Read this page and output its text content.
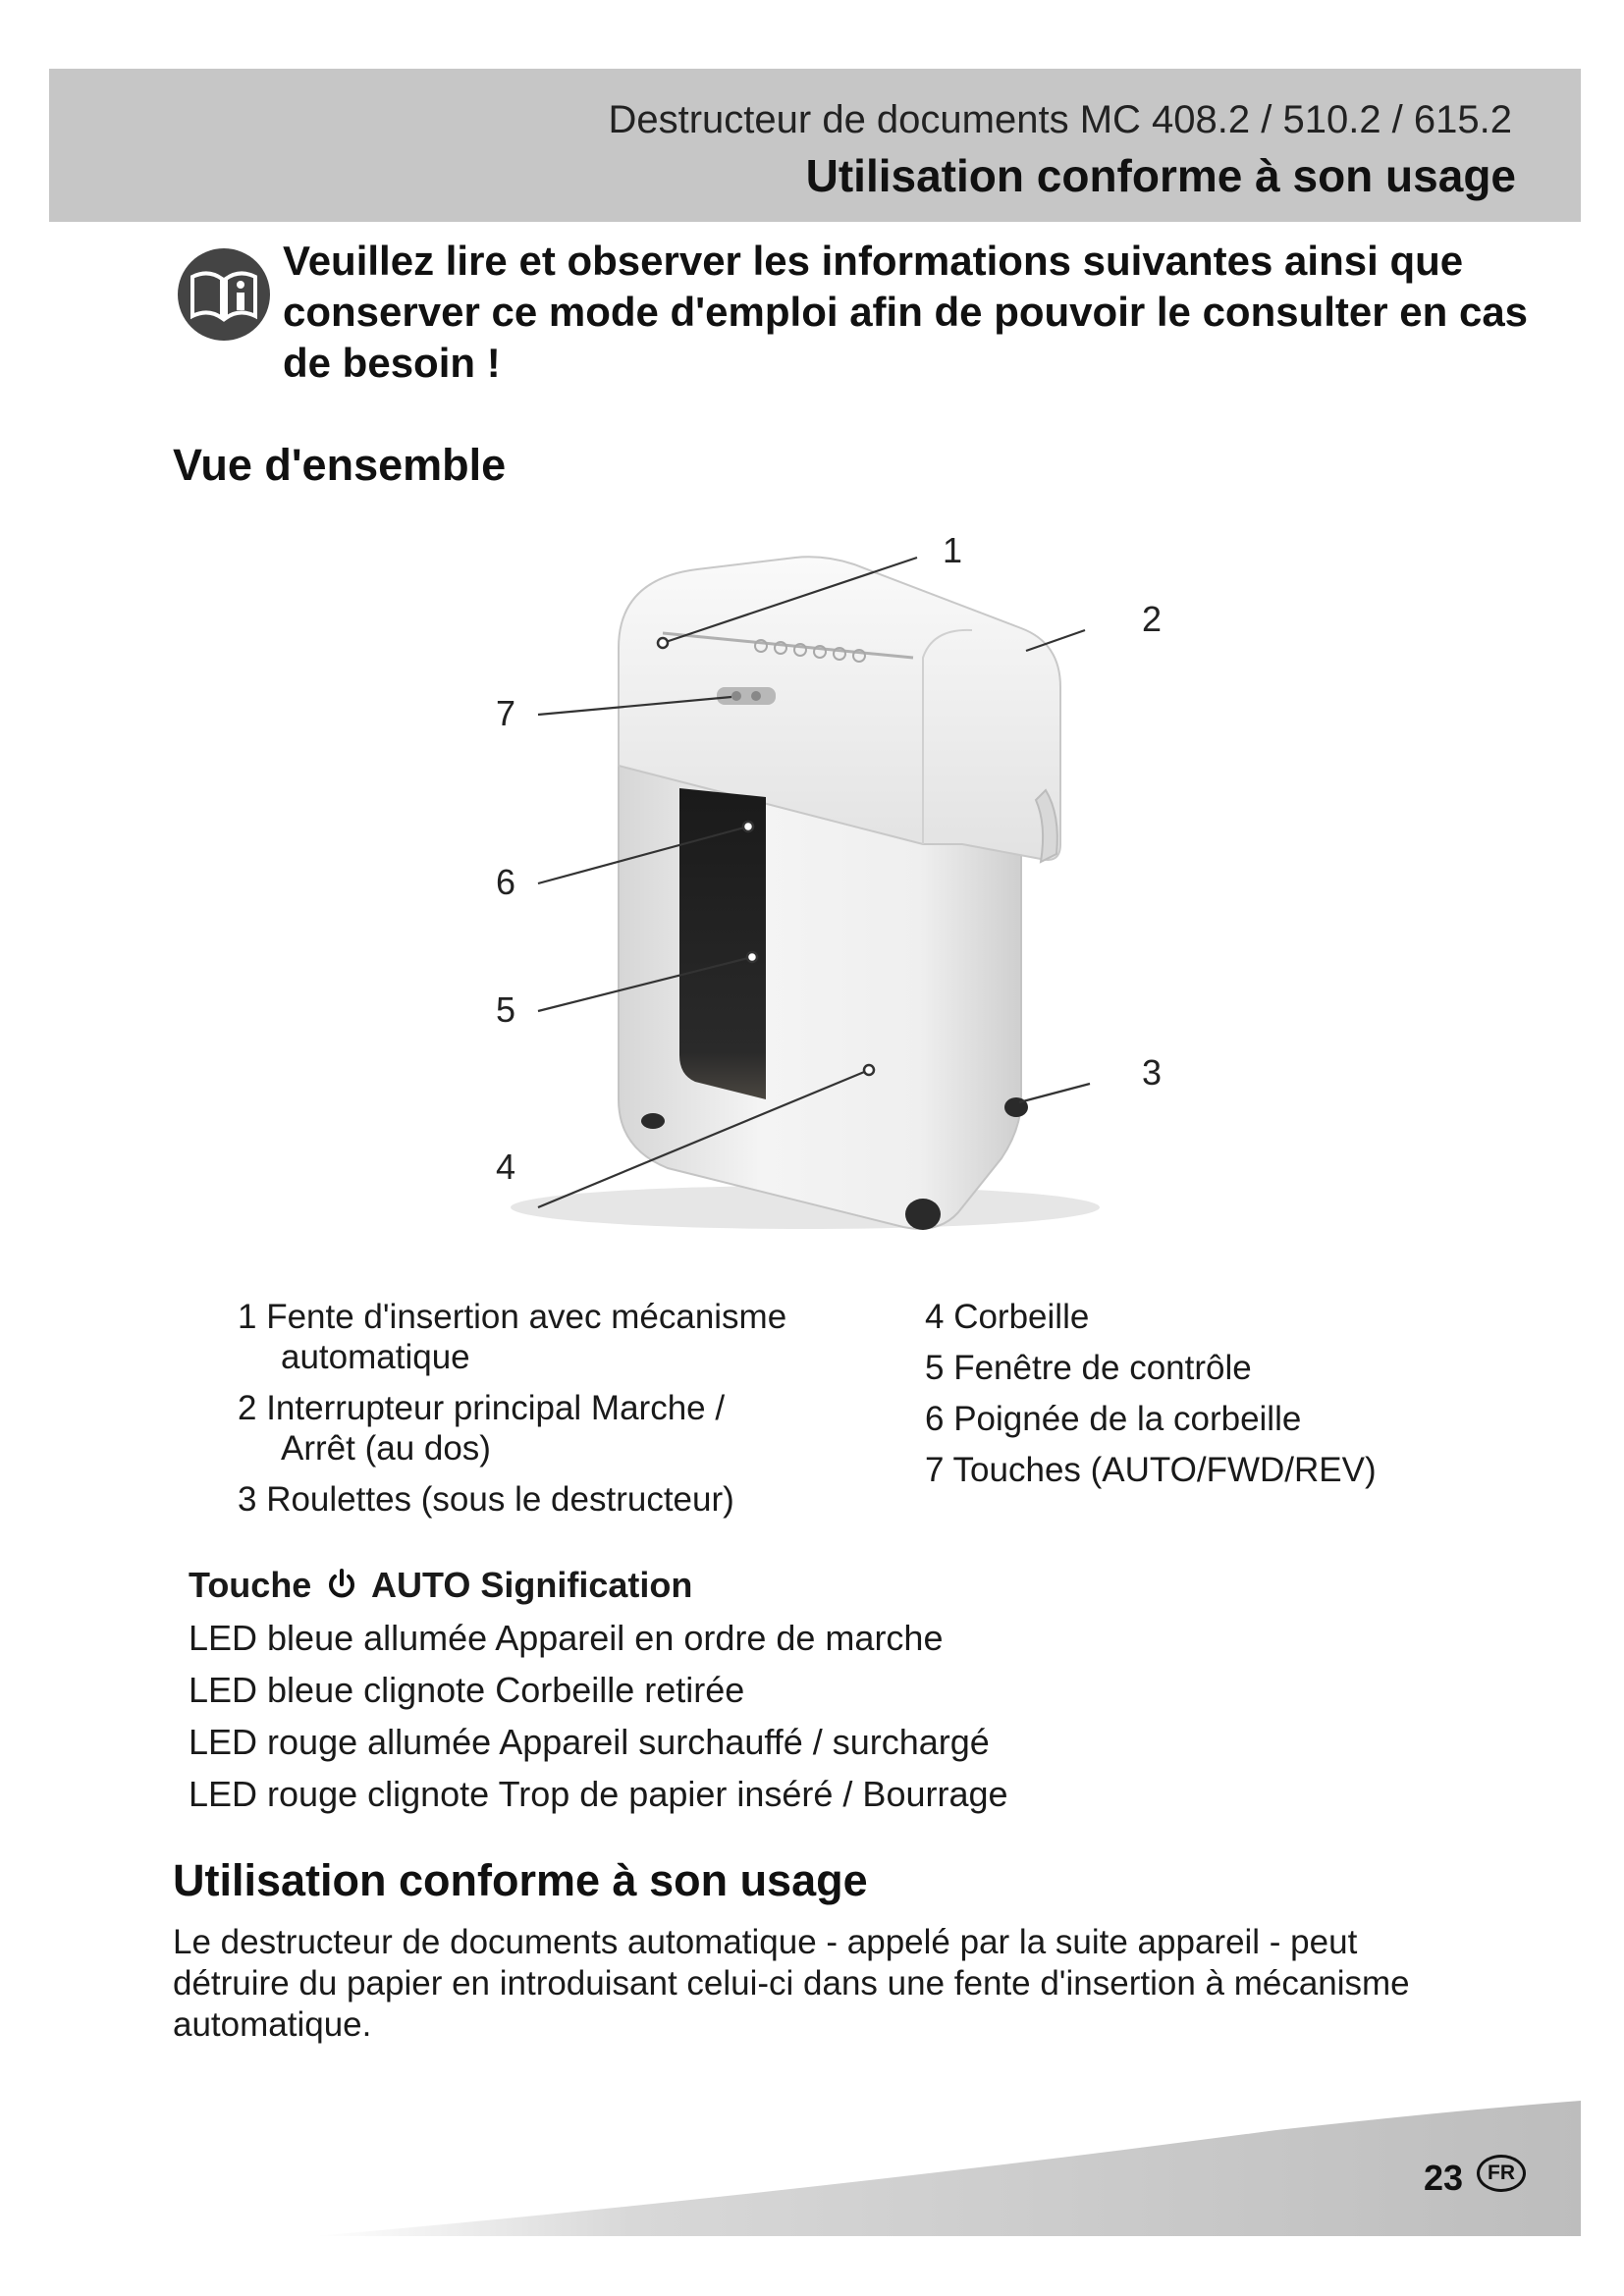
Destructeur de documents MC 408.2 / 510.2 / 615.2
Utilisation conforme à son usage
Veuillez lire et observer les informations suivantes ainsi que conserver ce mode d'emploi afin de pouvoir le consulter en cas de besoin !
Vue d'ensemble
1
2
3
4
5
6
7
1 Fente d'insertion avec mécanisme
automatique
2 Interrupteur principal Marche /
Arrêt (au dos)
3 Roulettes (sous le destructeur)
4 Corbeille
5 Fenêtre de contrôle
6 Poignée de la corbeille
7 Touches (AUTO/FWD/REV)
Touche AUTO Signification
LED bleue allumée Appareil en ordre de marche
LED bleue clignote Corbeille retirée
LED rouge allumée Appareil surchauffé / surchargé
LED rouge clignote Trop de papier inséré / Bourrage
Utilisation conforme à son usage
Le destructeur de documents automatique - appelé par la suite appareil - peut
détruire du papier en introduisant celui-ci dans une fente d'insertion à mécanisme
automatique.
23	FR
